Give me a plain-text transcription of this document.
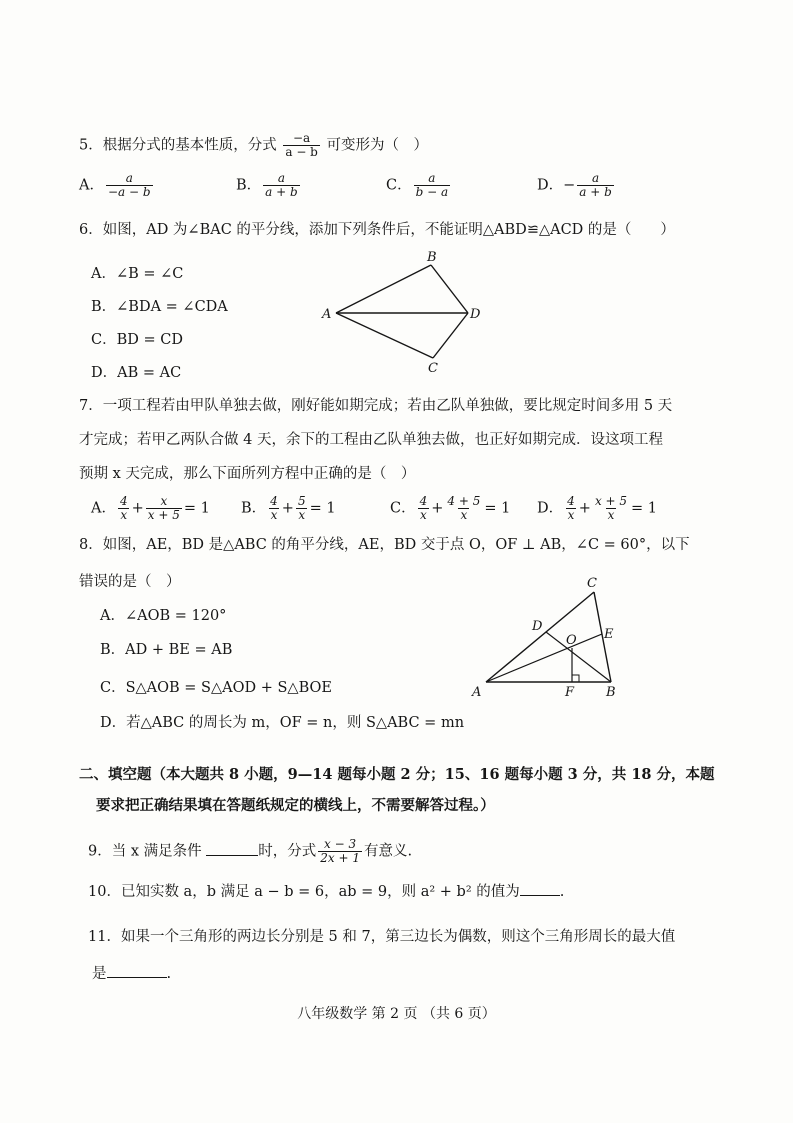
5．根据分式的基本性质，分式 $\frac{-a}{a - b}$ 可变形为（　）
A． $\frac{a}{-a - b}$	B． $\frac{a}{a + b}$	C． $\frac{a}{b - a}$	D．− $\frac{a}{a + b}$
6．如图，AD 为∠BAC 的平分线，添加下列条件后，不能证明△ABD≌△ACD 的是（　　）
A．∠B = ∠C
B．∠BDA = ∠CDA
C．BD = CD
D．AB = AC
A
B
C
D
7．一项工程若由甲队单独去做，刚好能如期完成；若由乙队单独做，要比规定时间多用 5 天
才完成；若甲乙两队合做 4 天，余下的工程由乙队单独去做，也正好如期完成．设这项工程
预期 x 天完成，那么下面所列方程中正确的是（　）
A． $\frac{4}{x} + \frac{x}{x + 5} = 1$ B． $\frac{4}{x} + \frac{5}{x} = 1$	C． $\frac{4}{x} + \frac{4 + 5}{x} = 1$ D． $\frac{4}{x} + \frac{x + 5}{x} = 1$
8．如图，AE，BD 是△ABC 的角平分线，AE，BD 交于点 O，OF ⊥ AB，∠C = 60°，以下
错误的是（　）
A．∠AOB = 120°
B．AD + BE = AB
C．S△AOB = S△AOD + S△BOE
D．若△ABC 的周长为 m，OF = n，则 S△ABC = mn
A	B
C
D
E
F
O
二、填空题（本大题共 8 小题，9—14 题每小题 2 分；15、16 题每小题 3 分，共 18 分，本题
要求把正确结果填在答题纸规定的横线上，不需要解答过程。）
9．当 x 满足条件	时，分式 $\frac{x - 3}{2x + 1}$ 有意义.
10．已知实数 a，b 满足 a − b = 6，ab = 9，则 a² + b² 的值为	.
11．如果一个三角形的两边长分别是 5 和 7，第三边长为偶数，则这个三角形周长的最大值
是	.
八年级数学 第 2 页 （共 6 页）
